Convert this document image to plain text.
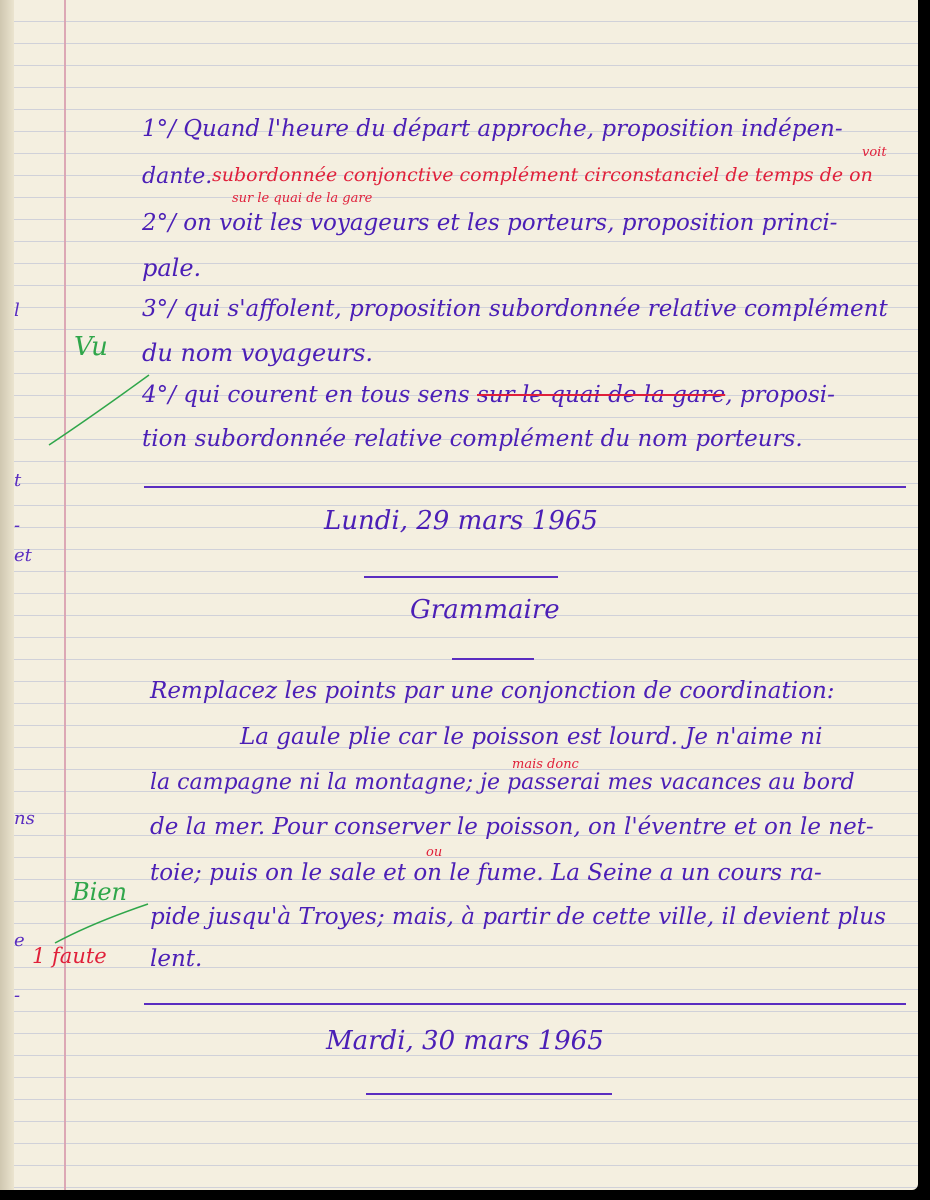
l
t
-
et
ns
e
-

1°/ Quand l'heure du départ approche, proposition indépen-

voit

dante. subordonnée conjonctive complément circonstanciel de temps de on

sur le quai de la gare

2°/ on voit les voyageurs et les porteurs, proposition princi-

pale.

3°/ qui s'affolent, proposition subordonnée relative complément

du nom voyageurs.

Vu

4°/ qui courent en tous sens sur le quai de la gare, proposi-

tion subordonnée relative complément du nom porteurs.

Lundi, 29 mars 1965

Grammaire

Remplacez les points par une conjonction de coordination:

La gaule plie car le poisson est lourd. Je n'aime ni

mais donc

la campagne ni la montagne; je passerai mes vacances au bord

de la mer. Pour conserver le poisson, on l'éventre et on le net-

ou

toie; puis on le sale et on le fume. La Seine a un cours ra-

pide jusqu'à Troyes; mais, à partir de cette ville, il devient plus

lent.

Bien

1 faute

Mardi, 30 mars 1965
